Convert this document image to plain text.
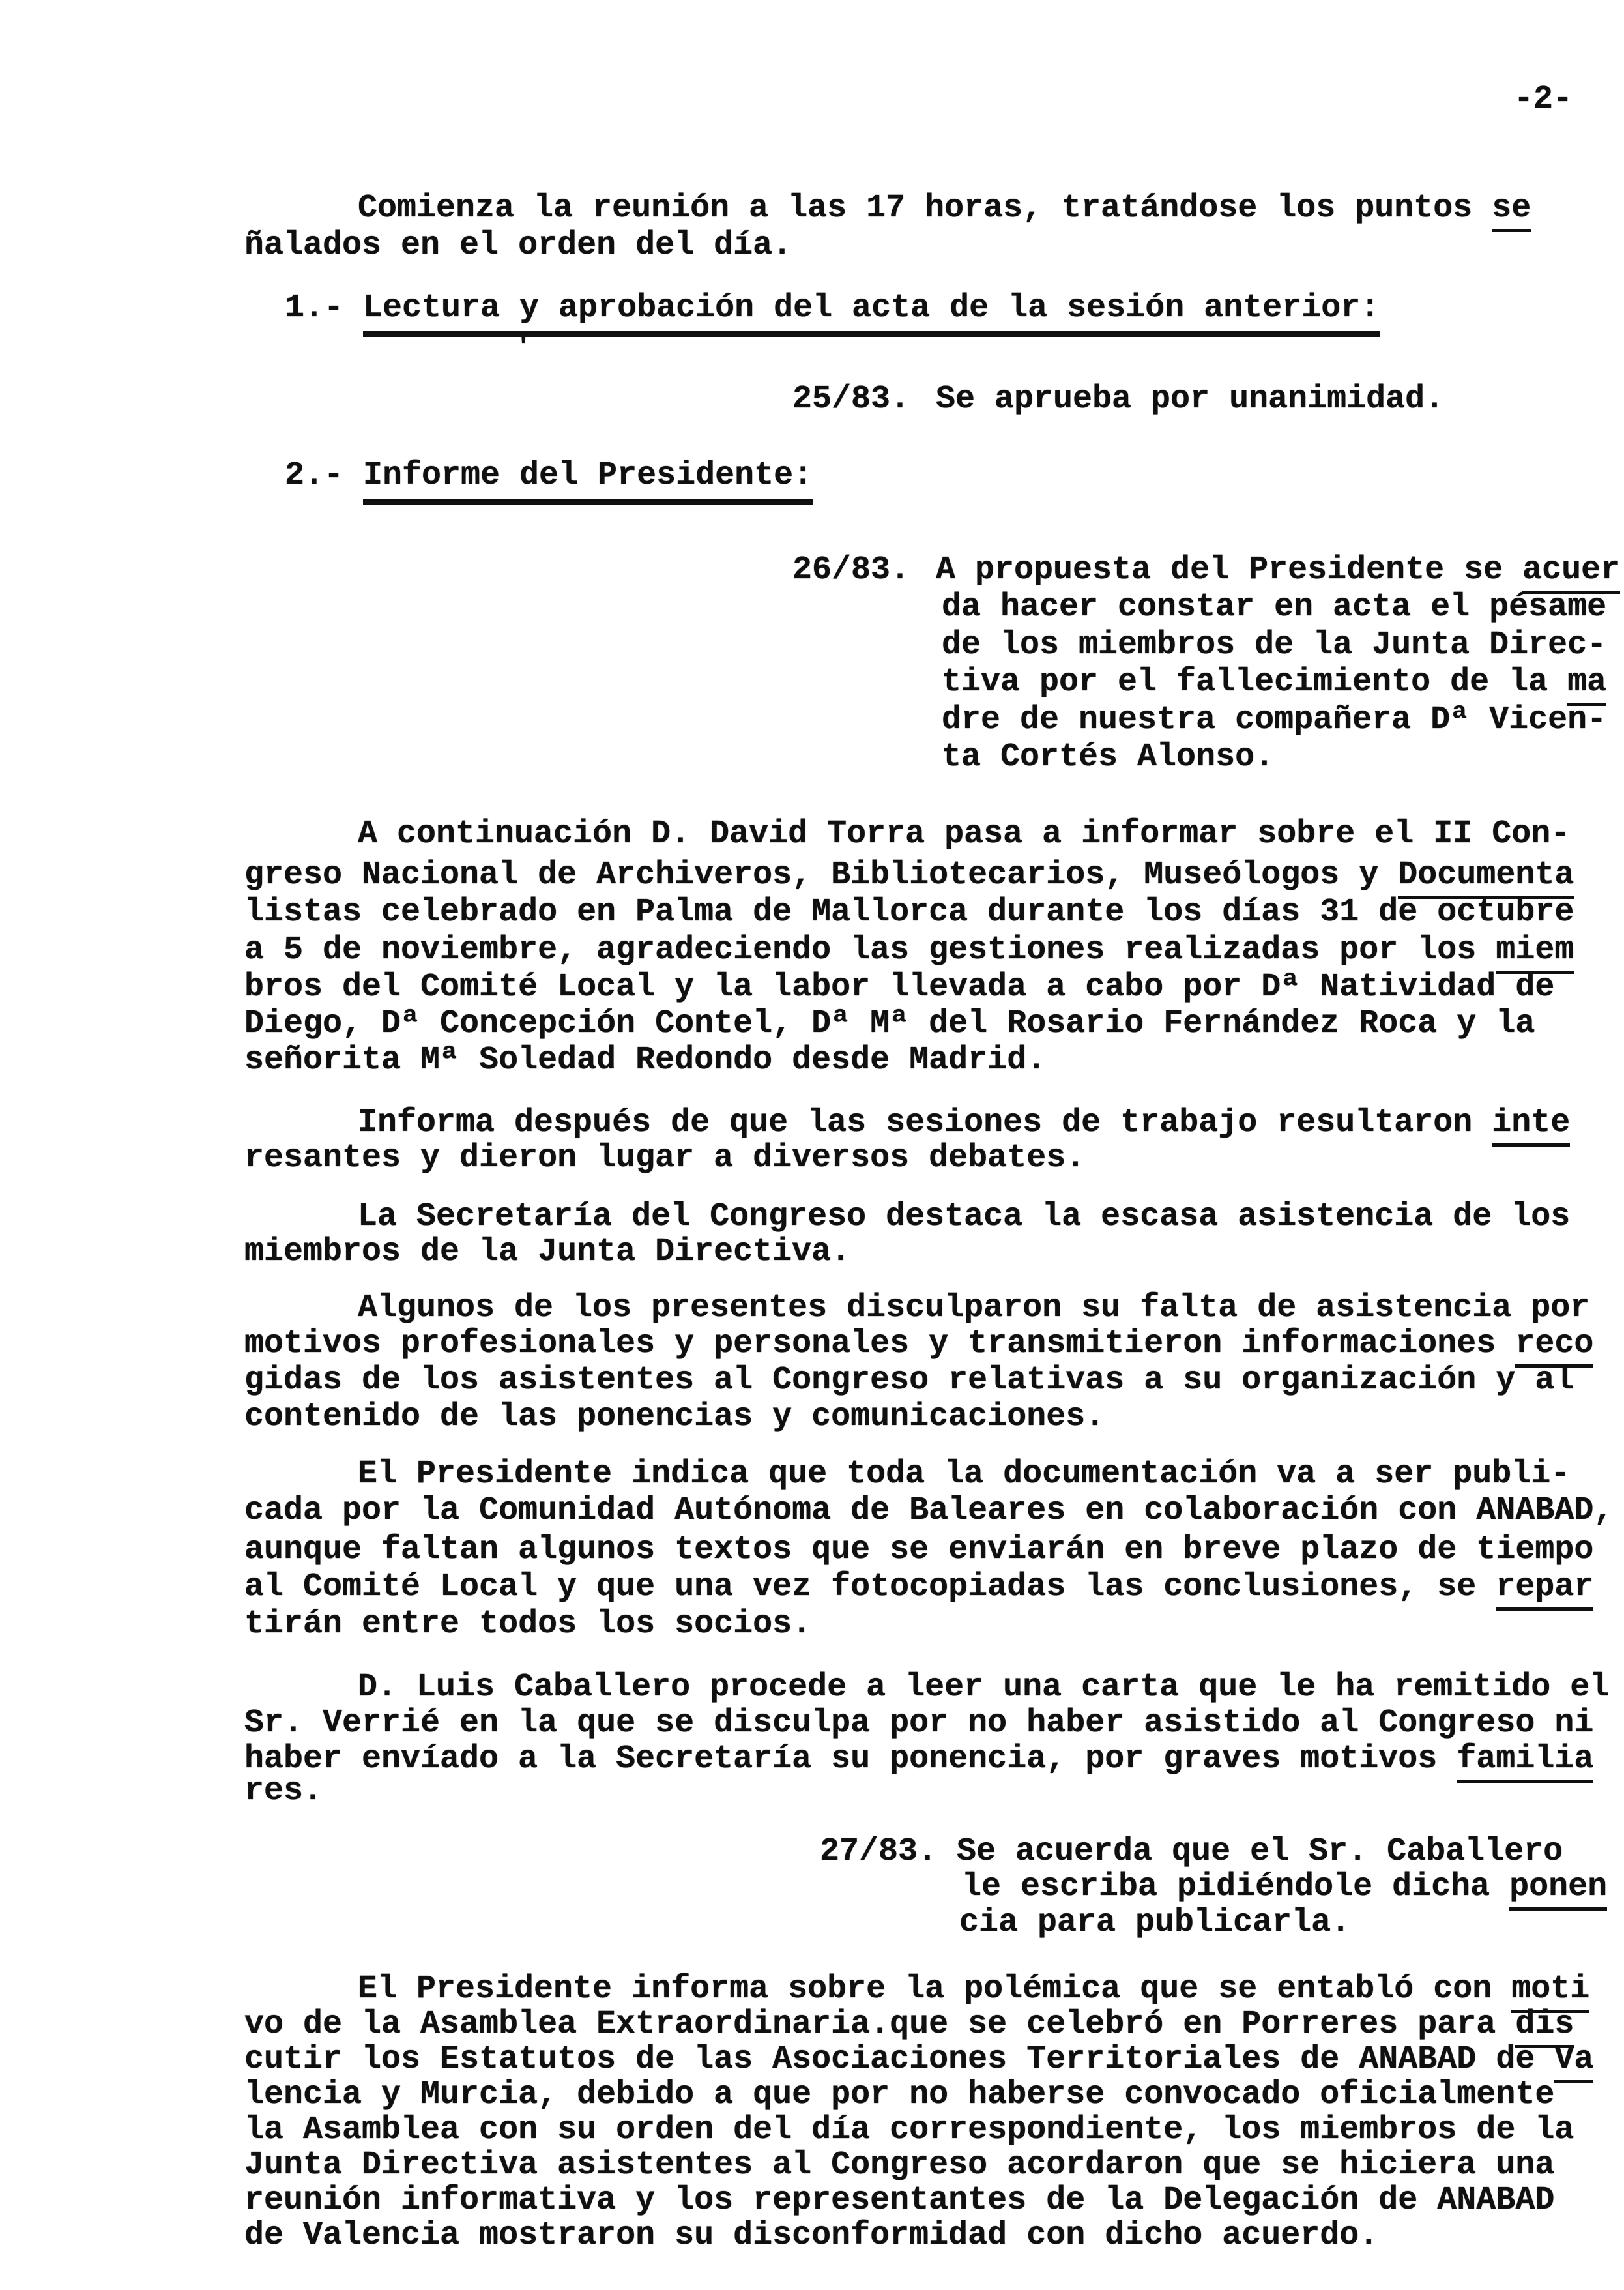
-2-
Comienza la reunión a las 17 horas, tratándose los puntos se
ñalados en el orden del día.
1.- Lectura y aprobación del acta de la sesión anterior:
'
25/83. Se aprueba por unanimidad.
2.- Informe del Presidente:
26/83. A propuesta del Presidente se acuer
da hacer constar en acta el pésame
de los miembros de la Junta Direc-
tiva por el fallecimiento de la ma
dre de nuestra compañera Dª Vicen-
ta Cortés Alonso.
A continuación D. David Torra pasa a informar sobre el II Con-
greso Nacional de Archiveros, Bibliotecarios, Museólogos y Documenta
listas celebrado en Palma de Mallorca durante los días 31 de octubre
a 5 de noviembre, agradeciendo las gestiones realizadas por los miem
bros del Comité Local y la labor llevada a cabo por Dª Natividad de
Diego, Dª Concepción Contel, Dª Mª del Rosario Fernández Roca y la
señorita Mª Soledad Redondo desde Madrid.
Informa después de que las sesiones de trabajo resultaron inte
resantes y dieron lugar a diversos debates.
La Secretaría del Congreso destaca la escasa asistencia de los
miembros de la Junta Directiva.
Algunos de los presentes disculparon su falta de asistencia por
motivos profesionales y personales y transmitieron informaciones reco
gidas de los asistentes al Congreso relativas a su organización y al
contenido de las ponencias y comunicaciones.
El Presidente indica que toda la documentación va a ser publi-
cada por la Comunidad Autónoma de Baleares en colaboración con ANABAD,
aunque faltan algunos textos que se enviarán en breve plazo de tiempo
al Comité Local y que una vez fotocopiadas las conclusiones, se repar
tirán entre todos los socios.
D. Luis Caballero procede a leer una carta que le ha remitido el
Sr. Verrié en la que se disculpa por no haber asistido al Congreso ni
haber envíado a la Secretaría su ponencia, por graves motivos familia
res.
27/83. Se acuerda que el Sr. Caballero
le escriba pidiéndole dicha ponen
cia para publicarla.
El Presidente informa sobre la polémica que se entabló con moti
vo de la Asamblea Extraordinaria.que se celebró en Porreres para dis
cutir los Estatutos de las Asociaciones Territoriales de ANABAD de Va
lencia y Murcia, debido a que por no haberse convocado oficialmente
la Asamblea con su orden del día correspondiente, los miembros de la
Junta Directiva asistentes al Congreso acordaron que se hiciera una
reunión informativa y los representantes de la Delegación de ANABAD
de Valencia mostraron su disconformidad con dicho acuerdo.
